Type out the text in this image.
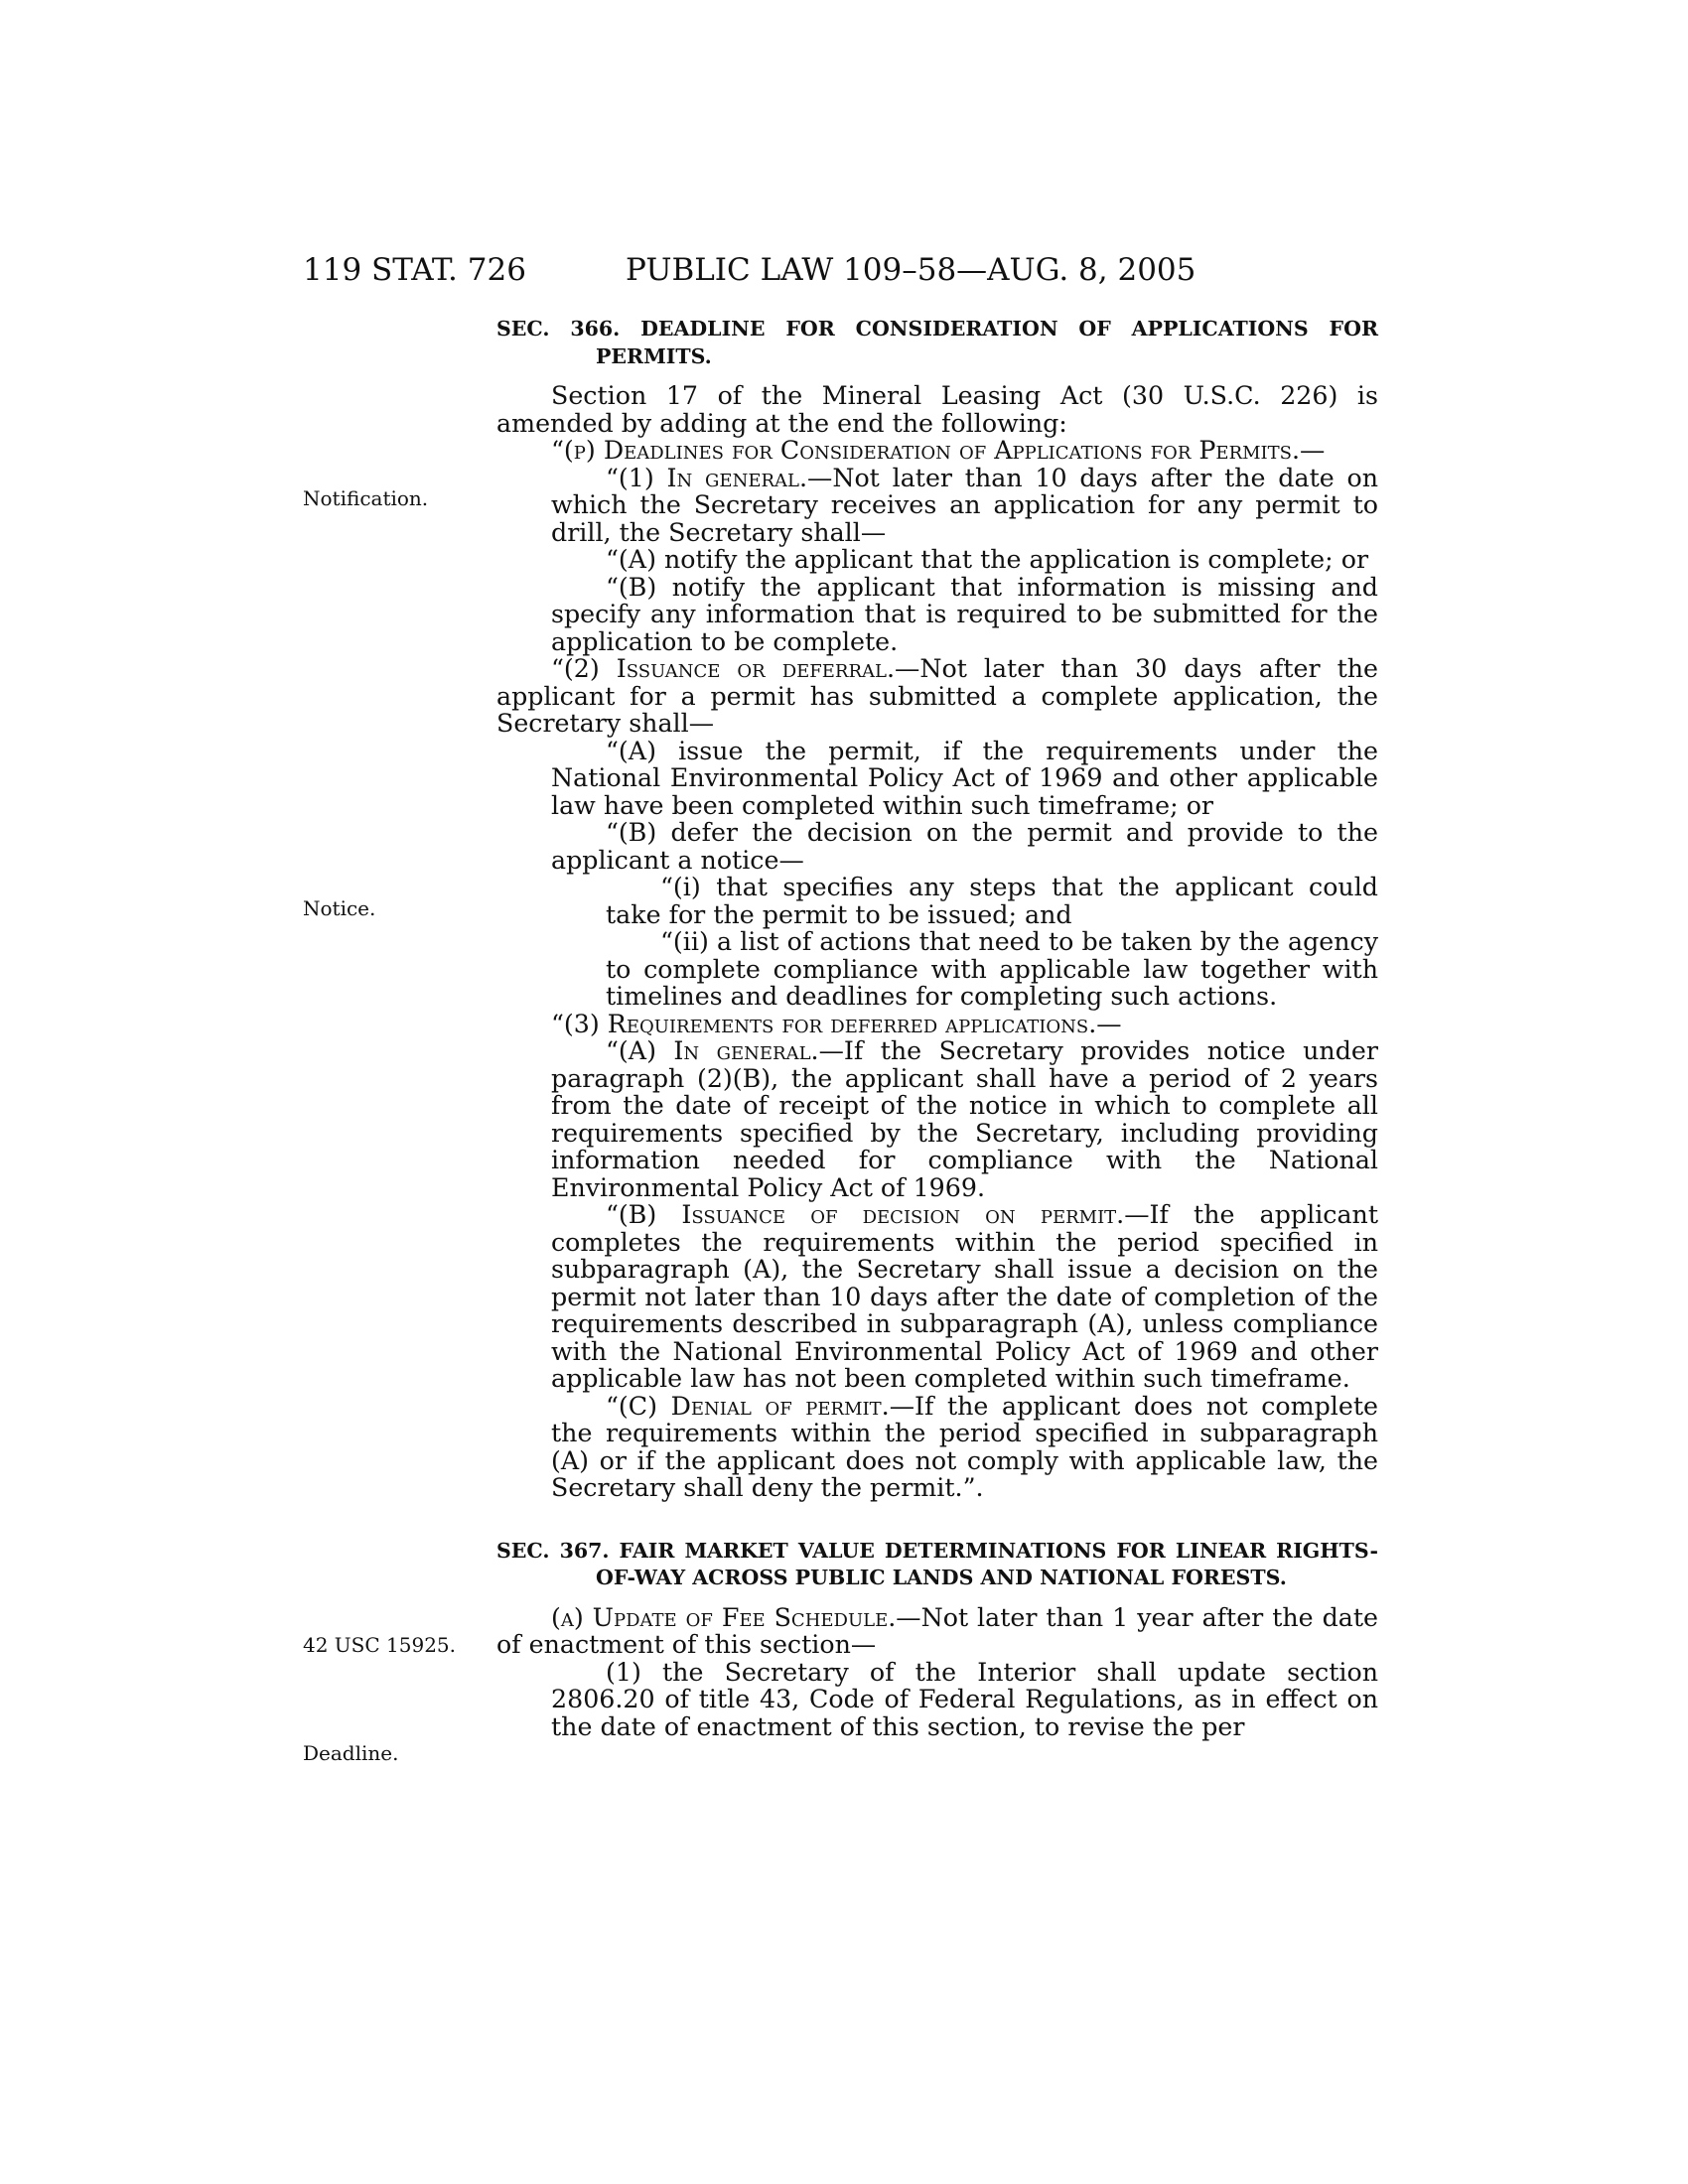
119 STAT. 726	PUBLIC LAW 109–58—AUG. 8, 2005
Notification.
Notice.
42 USC 15925.
Deadline.

SEC. 366. DEADLINE FOR CONSIDERATION OF APPLICATIONS FOR PERMITS.

Section 17 of the Mineral Leasing Act (30 U.S.C. 226) is amended by adding at the end the following:

“(p) Deadlines for Consideration of Applications for Permits.—

“(1) In general.—Not later than 10 days after the date on which the Secretary receives an application for any permit to drill, the Secretary shall—

“(A) notify the applicant that the application is complete; or

“(B) notify the applicant that information is missing and specify any information that is required to be submitted for the application to be complete.

“(2) Issuance or deferral.—Not later than 30 days after the applicant for a permit has submitted a complete application, the Secretary shall—

“(A) issue the permit, if the requirements under the National Environmental Policy Act of 1969 and other applicable law have been completed within such timeframe; or

“(B) defer the decision on the permit and provide to the applicant a notice—

“(i) that specifies any steps that the applicant could take for the permit to be issued; and

“(ii) a list of actions that need to be taken by the agency to complete compliance with applicable law together with timelines and deadlines for completing such actions.

“(3) Requirements for deferred applications.—

“(A) In general.—If the Secretary provides notice under paragraph (2)(B), the applicant shall have a period of 2 years from the date of receipt of the notice in which to complete all requirements specified by the Secretary, including providing information needed for compliance with the National Environmental Policy Act of 1969.

“(B) Issuance of decision on permit.—If the applicant completes the requirements within the period specified in subparagraph (A), the Secretary shall issue a decision on the permit not later than 10 days after the date of completion of the requirements described in subparagraph (A), unless compliance with the National Environmental Policy Act of 1969 and other applicable law has not been completed within such timeframe.

“(C) Denial of permit.—If the applicant does not complete the requirements within the period specified in subparagraph (A) or if the applicant does not comply with applicable law, the Secretary shall deny the permit.”.

SEC. 367. FAIR MARKET VALUE DETERMINATIONS FOR LINEAR RIGHTS-OF-WAY ACROSS PUBLIC LANDS AND NATIONAL FORESTS.

(a) Update of Fee Schedule.—Not later than 1 year after the date of enactment of this section—

(1) the Secretary of the Interior shall update section 2806.20 of title 43, Code of Federal Regulations, as in effect on the date of enactment of this section, to revise the per
